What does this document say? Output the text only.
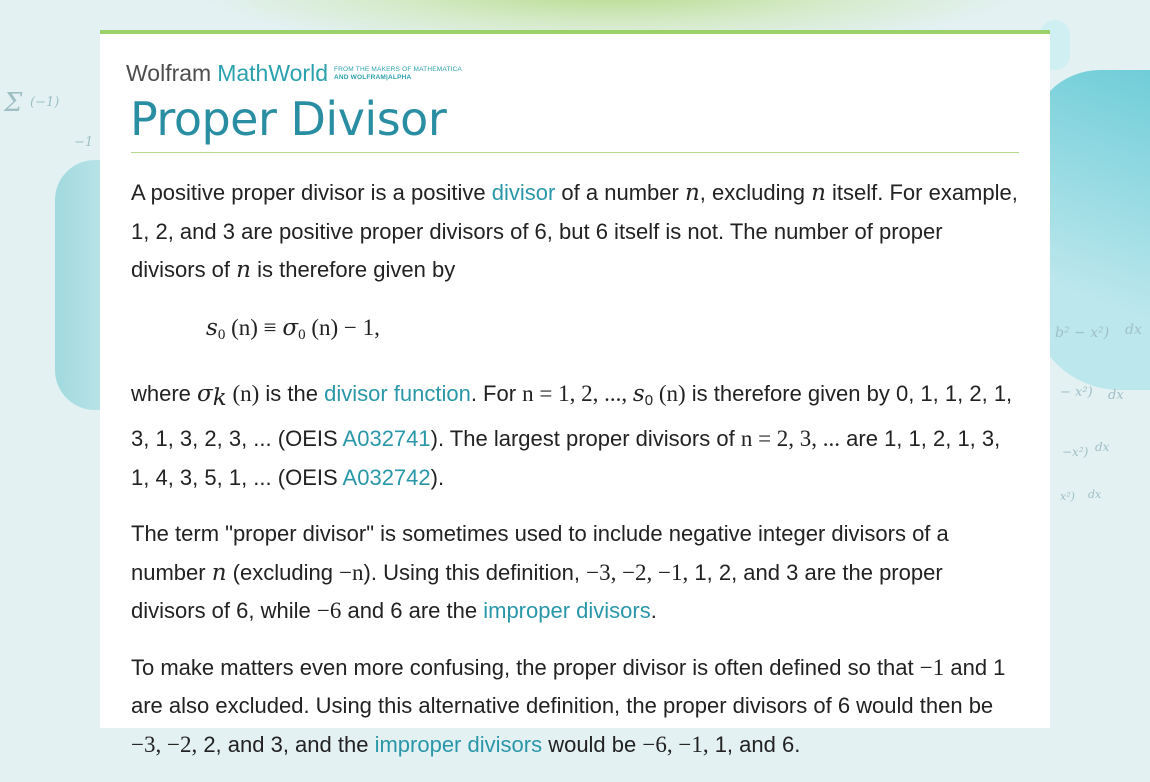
Σ (−1)
−1
b² − x²) dx
− x²) dx
−x²) dx
x²) dx
Wolfram MathWorld FROM THE MAKERS OF MATHEMATICA
AND WOLFRAM|ALPHA
Proper Divisor

A positive proper divisor is a positive divisor of a number n, excluding n itself. For example, 1, 2, and 3 are positive proper divisors of 6, but 6 itself is not. The number of proper divisors of n is therefore given by

$s_0$ $(n) \equiv \sigma_0$ (n) − 1,

where $\sigma_k$ (n) is the divisor function. For n = 1, 2, ..., $s_0$ (n) is therefore given by 0, 1, 1, 2, 1, 3, 1, 3, 2, 3, ... (OEIS A032741). The largest proper divisors of n = 2, 3, ... are 1, 1, 2, 1, 3, 1, 4, 3, 5, 1, ... (OEIS A032742).

The term "proper divisor" is sometimes used to include negative integer divisors of a number n (excluding −n). Using this definition, −3, −2, −1, 1, 2, and 3 are the proper divisors of 6, while −6 and 6 are the improper divisors.

To make matters even more confusing, the proper divisor is often defined so that −1 and 1 are also excluded. Using this alternative definition, the proper divisors of 6 would then be −3, −2, 2, and 3, and the improper divisors would be −6, −1, 1, and 6.
